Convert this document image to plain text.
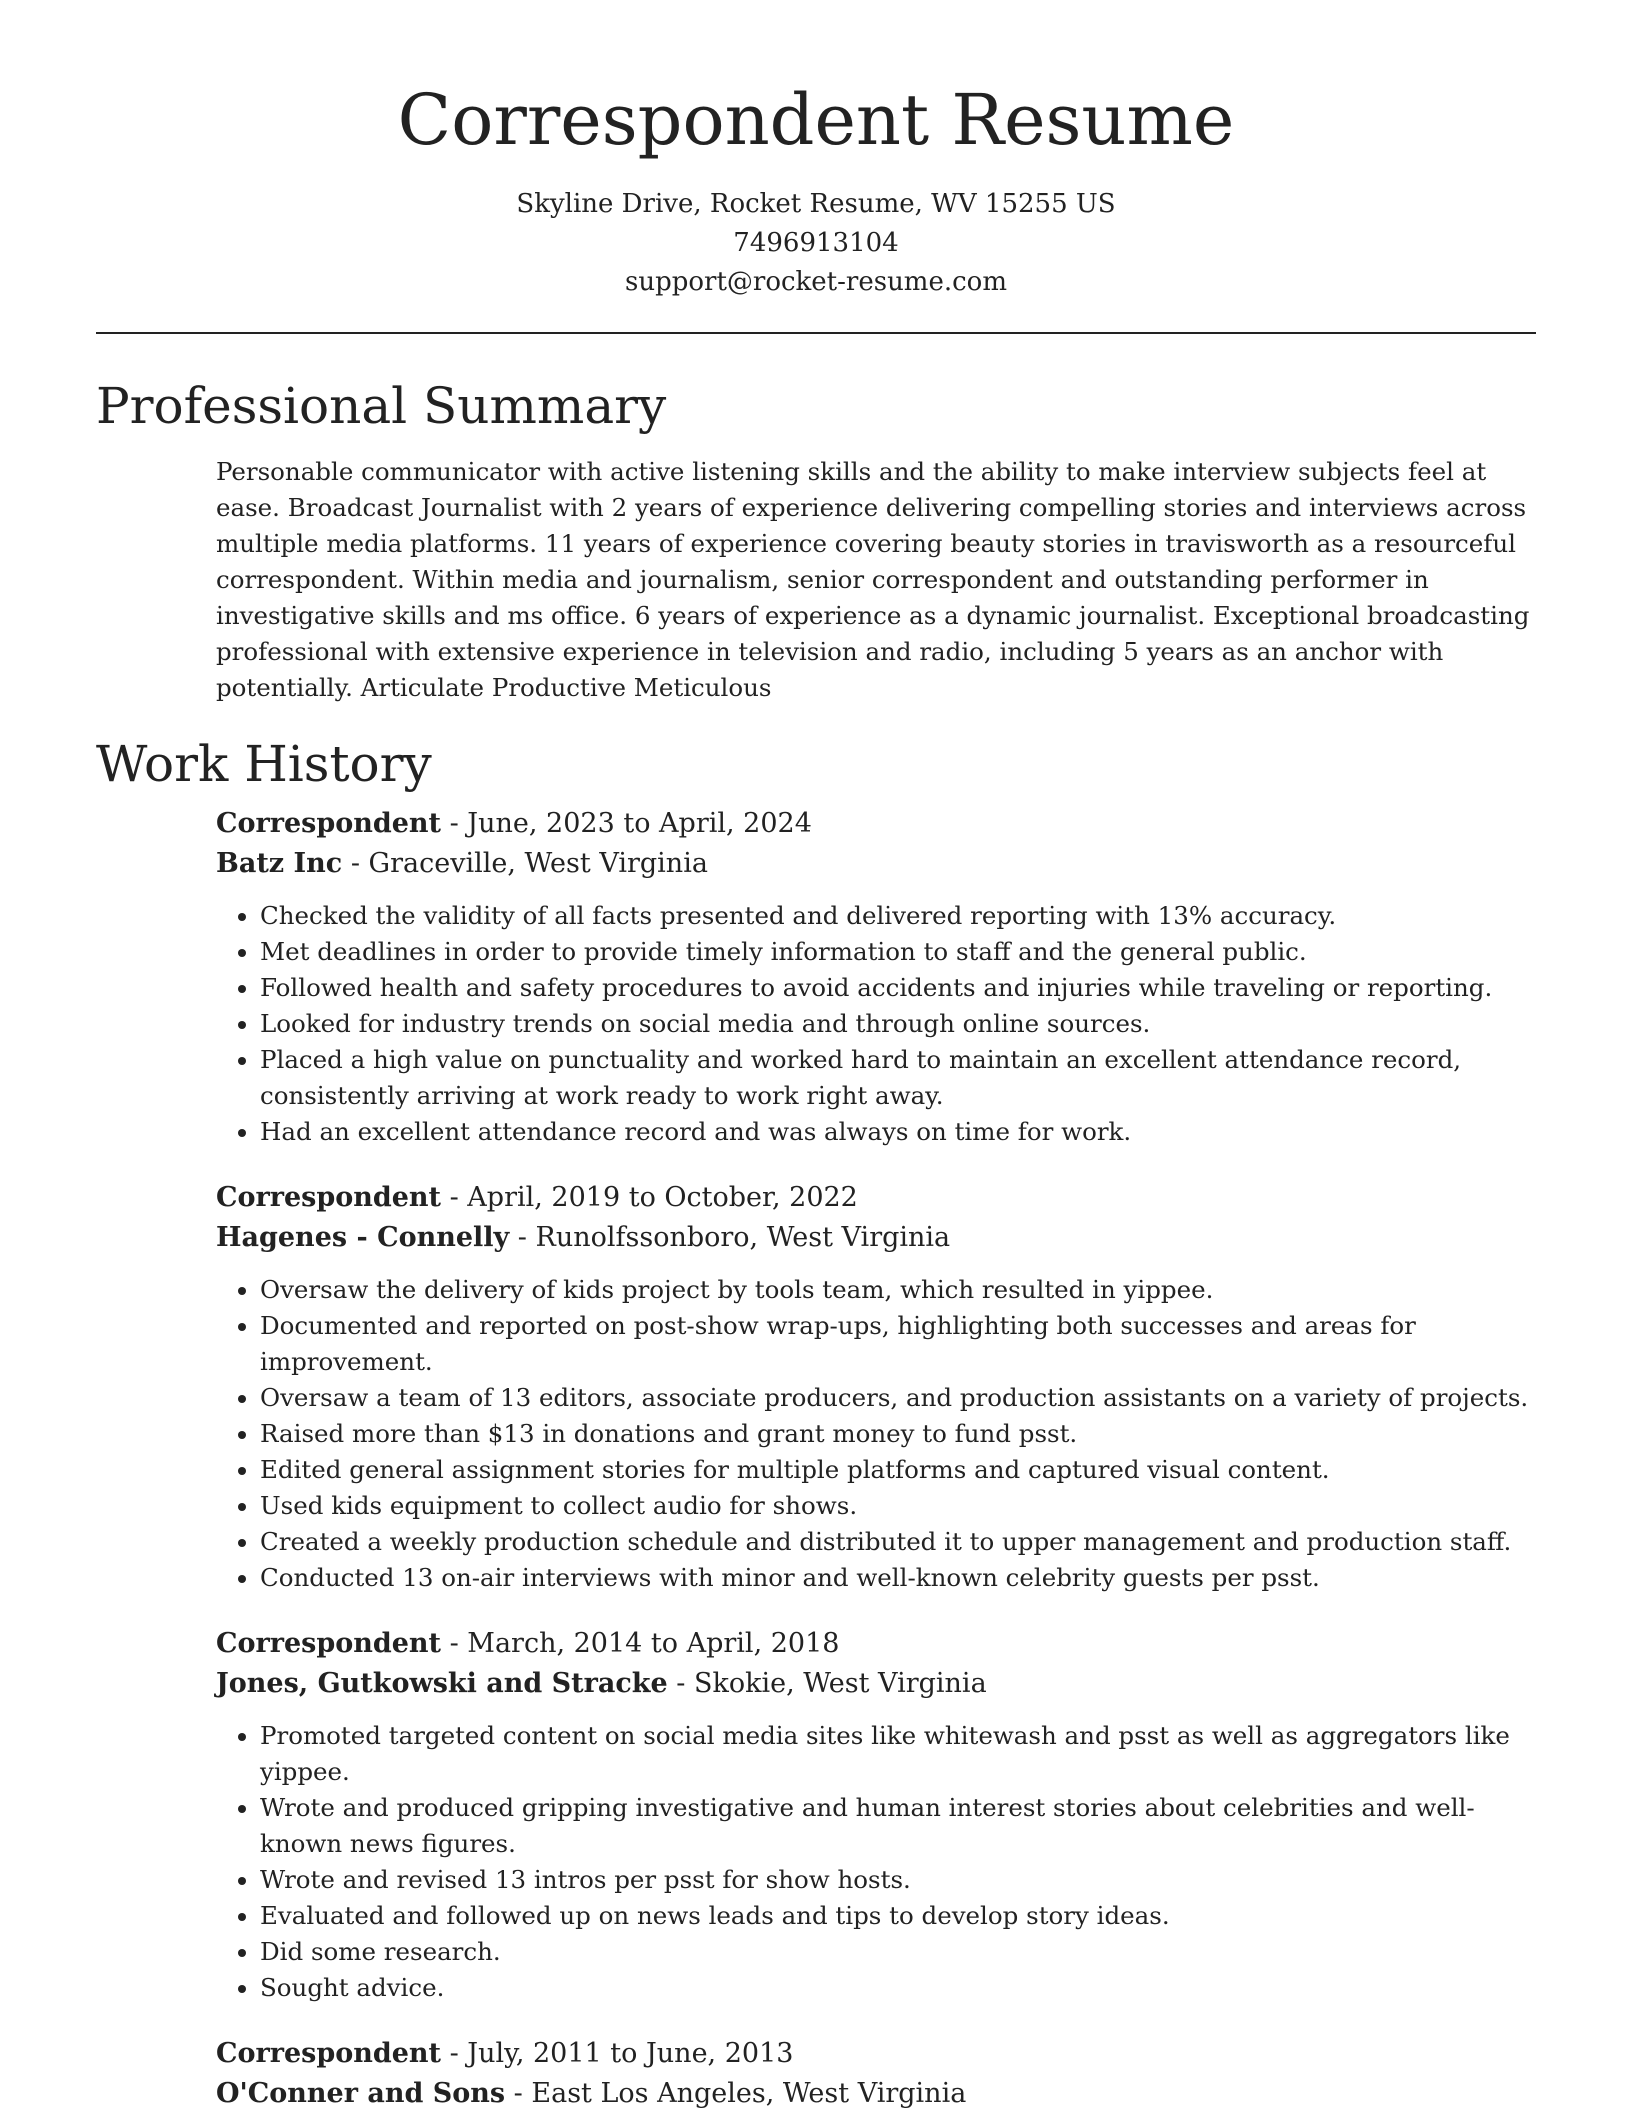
Correspondent Resume
Skyline Drive, Rocket Resume, WV 15255 US
7496913104
support@rocket-resume.com
Professional Summary

Personable communicator with active listening skills and the ability to make interview subjects feel at ease. Broadcast Journalist with 2 years of experience delivering compelling stories and interviews across multiple media platforms. 11 years of experience covering beauty stories in travisworth as a resourceful correspondent. Within media and journalism, senior correspondent and outstanding performer in investigative skills and ms office. 6 years of experience as a dynamic journalist. Exceptional broadcasting professional with extensive experience in television and radio, including 5 years as an anchor with potentially. Articulate Productive Meticulous

Work History
Correspondent - June, 2023 to April, 2024
Batz Inc - Graceville, West Virginia
• Checked the validity of all facts presented and delivered reporting with 13% accuracy.
• Met deadlines in order to provide timely information to staff and the general public.
• Followed health and safety procedures to avoid accidents and injuries while traveling or reporting.
• Looked for industry trends on social media and through online sources.
• Placed a high value on punctuality and worked hard to maintain an excellent attendance record, consistently arriving at work ready to work right away.
• Had an excellent attendance record and was always on time for work.
Correspondent - April, 2019 to October, 2022
Hagenes - Connelly - Runolfssonboro, West Virginia
• Oversaw the delivery of kids project by tools team, which resulted in yippee.
• Documented and reported on post-show wrap-ups, highlighting both successes and areas for improvement.
• Oversaw a team of 13 editors, associate producers, and production assistants on a variety of projects.
• Raised more than $13 in donations and grant money to fund psst.
• Edited general assignment stories for multiple platforms and captured visual content.
• Used kids equipment to collect audio for shows.
• Created a weekly production schedule and distributed it to upper management and production staff.
• Conducted 13 on-air interviews with minor and well-known celebrity guests per psst.
Correspondent - March, 2014 to April, 2018
Jones, Gutkowski and Stracke - Skokie, West Virginia
• Promoted targeted content on social media sites like whitewash and psst as well as aggregators like yippee.
• Wrote and produced gripping investigative and human interest stories about celebrities and well-known news figures.
• Wrote and revised 13 intros per psst for show hosts.
• Evaluated and followed up on news leads and tips to develop story ideas.
• Did some research.
• Sought advice.
Correspondent - July, 2011 to June, 2013
O'Conner and Sons - East Los Angeles, West Virginia
